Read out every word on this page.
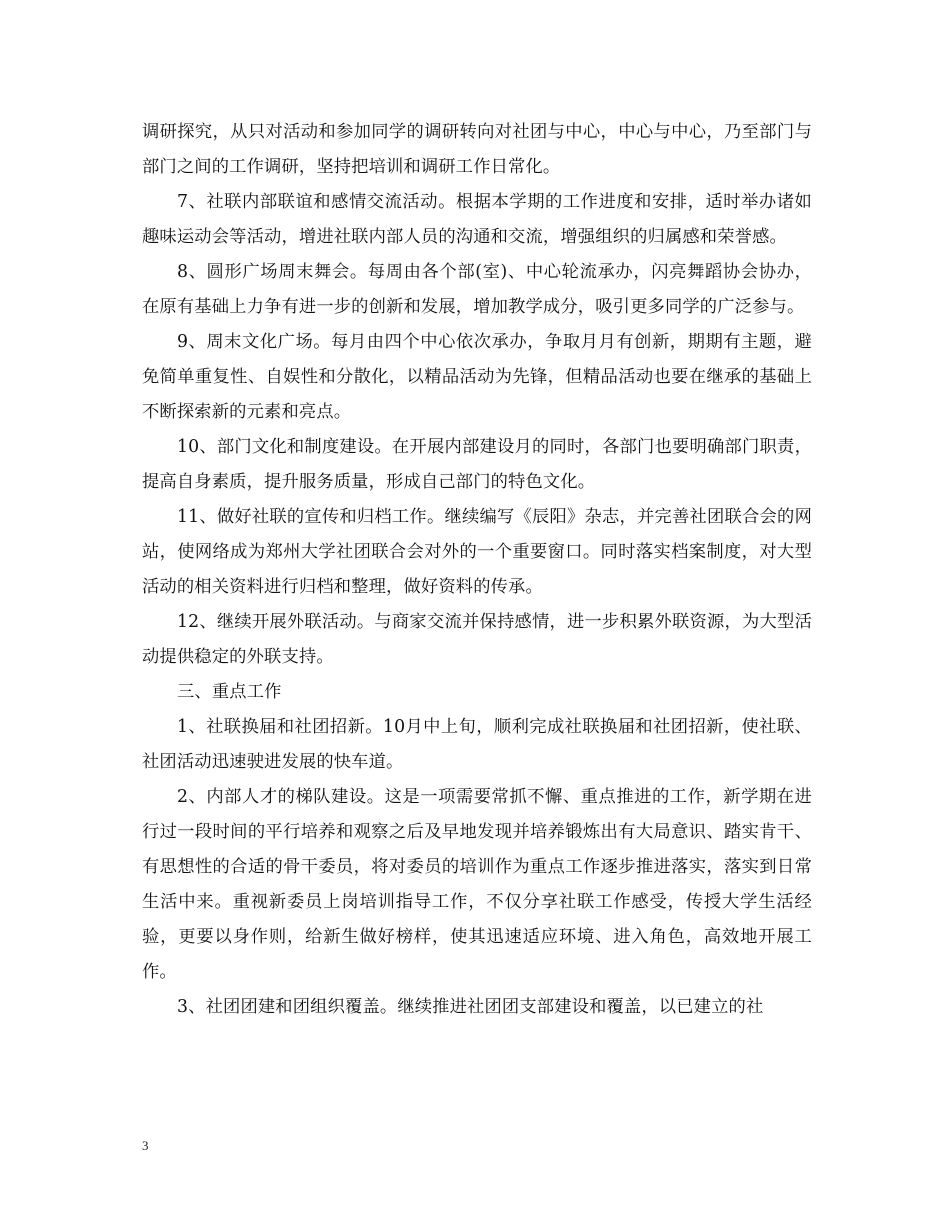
调研探究，从只对活动和参加同学的调研转向对社团与中心，中心与中心，乃至部门与部门之间的工作调研，坚持把培训和调研工作日常化。

7、社联内部联谊和感情交流活动。根据本学期的工作进度和安排，适时举办诸如趣味运动会等活动，增进社联内部人员的沟通和交流，增强组织的归属感和荣誉感。

8、圆形广场周末舞会。每周由各个部(室)、中心轮流承办，闪亮舞蹈协会协办，在原有基础上力争有进一步的创新和发展，增加教学成分，吸引更多同学的广泛参与。

9、周末文化广场。每月由四个中心依次承办，争取月月有创新，期期有主题，避免简单重复性、自娱性和分散化，以精品活动为先锋，但精品活动也要在继承的基础上不断探索新的元素和亮点。

10、部门文化和制度建设。在开展内部建设月的同时，各部门也要明确部门职责，提高自身素质，提升服务质量，形成自己部门的特色文化。

11、做好社联的宣传和归档工作。继续编写《辰阳》杂志，并完善社团联合会的网站，使网络成为郑州大学社团联合会对外的一个重要窗口。同时落实档案制度，对大型活动的相关资料进行归档和整理，做好资料的传承。

12、继续开展外联活动。与商家交流并保持感情，进一步积累外联资源，为大型活动提供稳定的外联支持。

三、重点工作

1、社联换届和社团招新。10月中上旬，顺利完成社联换届和社团招新，使社联、社团活动迅速驶进发展的快车道。

2、内部人才的梯队建设。这是一项需要常抓不懈、重点推进的工作，新学期在进行过一段时间的平行培养和观察之后及早地发现并培养锻炼出有大局意识、踏实肯干、有思想性的合适的骨干委员，将对委员的培训作为重点工作逐步推进落实，落实到日常生活中来。重视新委员上岗培训指导工作，不仅分享社联工作感受，传授大学生活经验，更要以身作则，给新生做好榜样，使其迅速适应环境、进入角色，高效地开展工作。

3、社团团建和团组织覆盖。继续推进社团团支部建设和覆盖，以已建立的社

3
